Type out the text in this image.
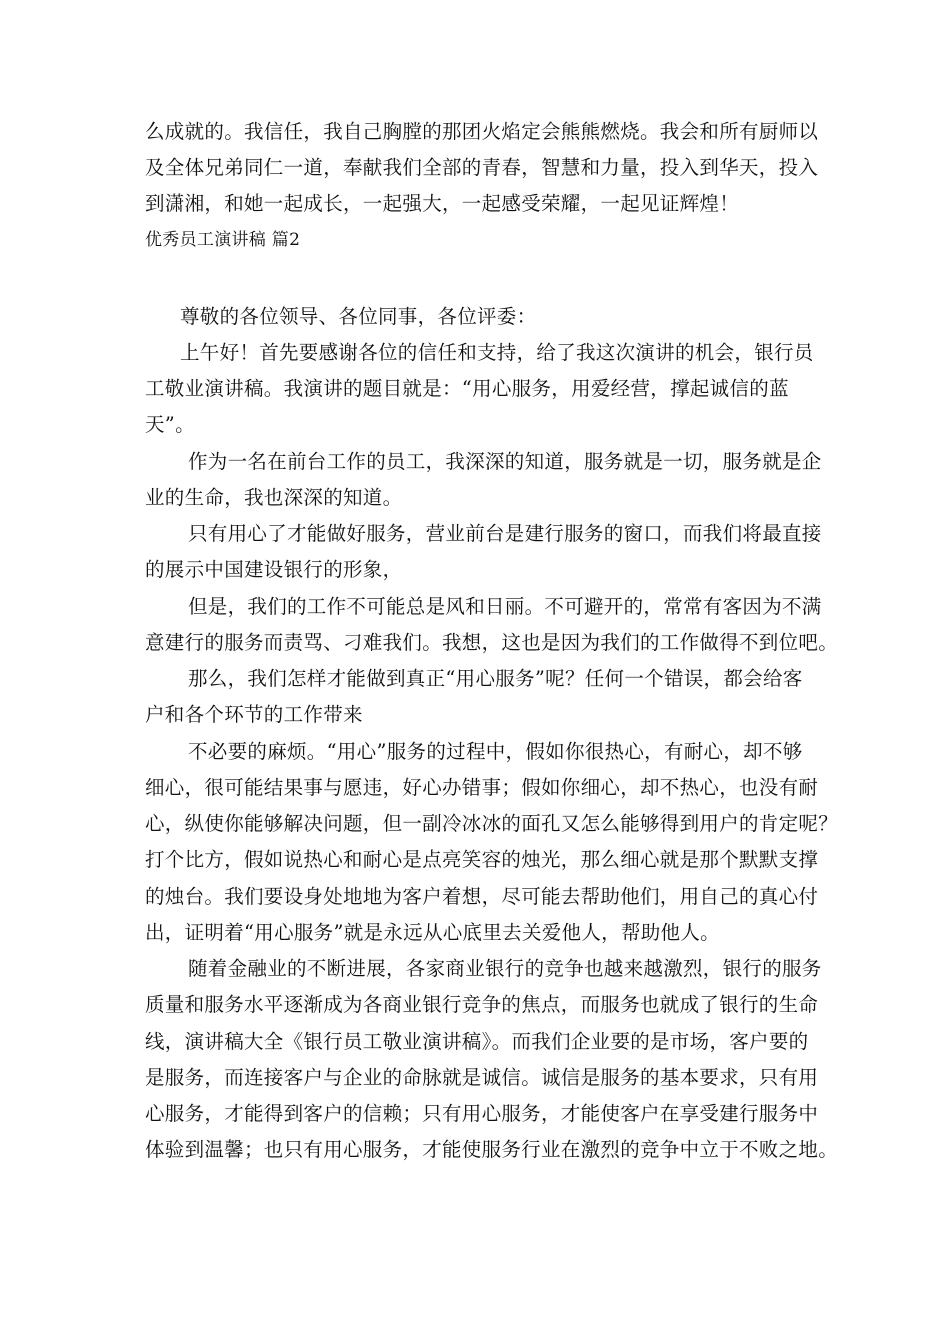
么成就的。我信任，我自己胸膛的那团火焰定会熊熊燃烧。我会和所有厨师以
及全体兄弟同仁一道，奉献我们全部的青春，智慧和力量，投入到华天，投入
到潇湘，和她一起成长，一起强大，一起感受荣耀，一起见证辉煌！
优秀员工演讲稿 篇2
尊敬的各位领导、各位同事，各位评委：
上午好！首先要感谢各位的信任和支持，给了我这次演讲的机会，银行员
工敬业演讲稿。我演讲的题目就是：“用心服务，用爱经营，撑起诚信的蓝
天”。
作为一名在前台工作的员工，我深深的知道，服务就是一切，服务就是企
业的生命，我也深深的知道。
只有用心了才能做好服务，营业前台是建行服务的窗口，而我们将最直接
的展示中国建设银行的形象，
但是，我们的工作不可能总是风和日丽。不可避开的，常常有客因为不满
意建行的服务而责骂、刁难我们。我想，这也是因为我们的工作做得不到位吧。
那么，我们怎样才能做到真正“用心服务”呢？任何一个错误，都会给客
户和各个环节的工作带来
不必要的麻烦。“用心”服务的过程中，假如你很热心，有耐心，却不够
细心，很可能结果事与愿违，好心办错事；假如你细心，却不热心，也没有耐
心，纵使你能够解决问题，但一副冷冰冰的面孔又怎么能够得到用户的肯定呢？
打个比方，假如说热心和耐心是点亮笑容的烛光，那么细心就是那个默默支撑
的烛台。我们要设身处地地为客户着想，尽可能去帮助他们，用自己的真心付
出，证明着“用心服务”就是永远从心底里去关爱他人，帮助他人。
随着金融业的不断进展，各家商业银行的竞争也越来越激烈，银行的服务
质量和服务水平逐渐成为各商业银行竞争的焦点，而服务也就成了银行的生命
线，演讲稿大全《银行员工敬业演讲稿》。而我们企业要的是市场，客户要的
是服务，而连接客户与企业的命脉就是诚信。诚信是服务的基本要求，只有用
心服务，才能得到客户的信赖；只有用心服务，才能使客户在享受建行服务中
体验到温馨；也只有用心服务，才能使服务行业在激烈的竞争中立于不败之地。
